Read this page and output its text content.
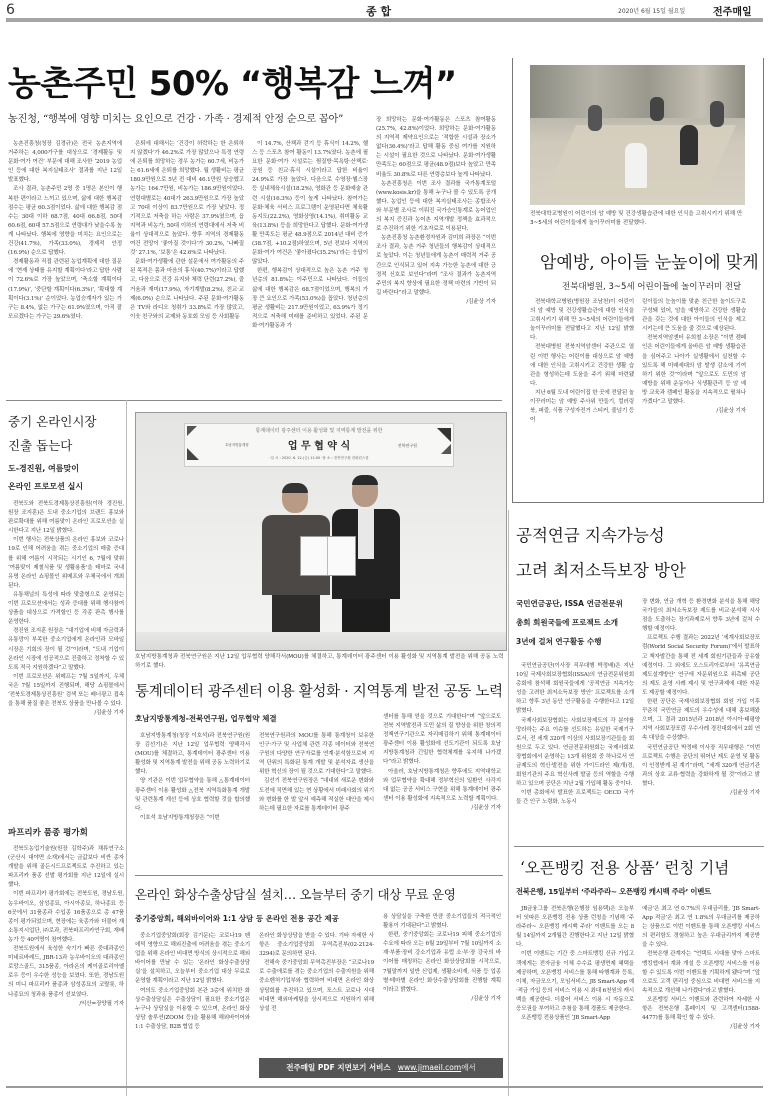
6	종 합	2020년 6월 15일 월요일	전주매일
농촌주민 50% “행복감 느껴”
농진청, “행복에 영향 미치는 요인으로 건강 · 가족 · 경제적 안정 순으로 꼽아”

농촌진흥청(청장 김경규)은 전국 농촌지역에 거주하는 4,000가구를 대상으로 ‘경제활동 및 문화·여가 여건’ 부문에 대해 조사한 ‘2019 농업인 등에 대한 복지실태조사’ 결과를 지난 12일 발표했다.

조사 결과, 농촌주민 2명 중 1명은 본인이 행복한 편이라고 느끼고 있으며, 삶에 대한 행복감 점수는 평균 60.3점이었다. 삶에 대한 행복감 점수는 30대 이하 68.7점, 40대 66.8점, 50대 60.6점, 60대 57.5점으로 연령대가 낮을수록 높게 나타났다. 행복에 영향을 미치는 요인으로는 건강(41.7%), 가족(33.0%), 경제적 안정(16.9%) 순으로 답했다.

경제활동과 직접 관련된 농업계획에 대한 질문에 ‘현재 상태를 유지할 계획이다’라고 답한 사람이 72.6%로 가장 높았으며, ‘축소할 계획이다(17.9%)’, ‘중단할 계획이다(6.3%)’, ‘확대할 계획이다(3.1%)’ 순이었다. 농업승계자가 있는 가구는 8.4%, 없는 가구는 61.9%였으며, 아직 잘 모르겠다는 가구는 29.6%였다.

은퇴에 대해서는 ‘건강이 허락하는 한 은퇴하지 않겠다’가 46.2%로 가장 많았으나 특정 연령에 은퇴를 희망하는 경우 농가는 60.7세, 비농가는 61.6세에 은퇴를 희망했다. 월 생활비는 평균 180.9만원으로 5년 전 대비 46.1만원 상승했고 농가는 164.7만원, 비농가는 186.9만원이었다. 연령대별로는 40대가 263.9만원으로 가장 높았고 70대 이상이 83.7만원으로 가장 낮았다. 정기적으로 저축을 하는 사람은 37.9%였으며, 읍 지역과 비농가, 50대 이하의 연령대에서 저축 비율이 상대적으로 높았다. 향후 지역의 경제활동 여건 전망이 ‘좋아질 것이다’가 30.2%, ‘나빠질 것’ 27.1%, ‘보통’은 42.6%로 나타났다.

문화·여가생활에 관한 설문에서 여가활동의 주된 목적은 몸과 마음의 휴식(40.7%)이라고 답했고, 다음으로 건강 유지와 체력 단련(27.2%), 즐거움과 재미(17.9%), 자기계발(8.2%), 친교·교제(6.0%) 순으로 나타났다. 주된 문화·여가활동은 TV와 라디오 청취가 33.8%로 가장 많았고, 이웃 친구와의 교제와 동호회 모임 등 사회활동

이 14.7%, 산책과 걷기 등 휴식이 14.2%, 헬스 등 스포츠 참여 활동이 13.7%였다. 농촌에 필요한 문화·여가 시설로는 찜질방·목욕탕·산책로·공원 등 친교·휴식 시설이라고 답한 비율이 24.9%로 가장 높았다. 다음으로 수영장·헬스장 등 실내체육시설(18.2%), 영화관 등 문화예술 관련 시설(16.3%) 등이 높게 나타났다. 참여가는 문화·체육 서비스 프로그램이 운영된다면 체육활동지도(22.2%), 영화상영(14.1%), 취미활동 교육(13.8%) 등을 희망한다고 답했다. 문화·여가생활 만족도는 평균 48.9점으로 2014년 대비 증가(38.7점, +10.2점)하였으며, 5년 전보다 지역의 문화·여가 여건은 ‘좋아졌다(35.2%)’라는 응답이 많았다.

한편, 행복감이 상대적으로 높은 농촌 거주 청년층의 81.8%는 이주민으로 나타났다. 이들의 삶에 대한 행복감은 68.7점이었으며, 행복의 가장 큰 요인으로 가족(53.0%)을 꼽았다. 청년층의 평균 생활비는 217.9만원이었고, 63.9%가 정기적으로 저축해 미래를 준비하고 있었다. 주된 문화·여가활동과 가

장 희망하는 문화·여가활동은 스포츠 참여활동(25.7%, 42.8%)이었다. 희망하는 문화·여가활동의 지역적 제약요인으로는 ‘적합한 시설과 장소가 없다(36.4%)’라고 답해 활동 중심 여가를 지원하는 시설이 필요한 것으로 나타났다. 문화·여가생활 만족도는 60점으로 평균(48.9점)보다 높았고 만족 비율도 30.8%로 다른 연령층보다 높게 나타났다.

농촌진흥청은 이번 조사 결과를 국가통계포털(www.kosis.kr)을 통해 누구나 볼 수 있도록 공개했다. 농업인 등에 대한 복지실태조사는 종합조사와 부문별 조사로 이뤄진 국가승인통계로 농어업인의 복지 증진과 농어촌 지역개발 정책을 효과적으로 추진하기 위한 기초자료로 이용된다.

농촌진흥청 농촌환경자원과 김미희 과장은 “이번 조사 결과, 농촌 거주 청년들의 행복감이 상대적으로 높았다. 이는 청년들에게 농촌이 매력적 거주 공간으로 인식되고 있어 지속 가능한 농촌에 대한 긍정적 신호로 보인다”라며 “조사 결과가 농촌지역 주민의 복지 향상에 필요한 정책 마련의 기반이 되길 바란다”라고 말했다.

/김윤상 기자
전북대학교병원이 어린이의 암 예방 및 건강생활습관에 대한 인식을 고취시키기 위해 만 3~5세의 어린이들에게 놀이꾸러미를 전달했다.
암예방, 아이들 눈높이에 맞게
전북대병원, 3~5세 어린이들에 놀이꾸러미 전달

전북대학교병원(병원장 조남천)이 어린이의 암 예방 및 건강생활습관에 대한 인식을 고취시키기 위해 만 3~5세의 어린이들에게 놀이꾸러미를 전달했다고 지난 12일 밝혔다.

전북대병원 전북지역암센터 주관으로 열린 이번 행사는 어린이를 대상으로 암 예방에 대한 인식을 고취시키고 건강한 생활 습관을 형성하는데 도움을 주기 위해 마련됐다.

지난 6월 도내 어린이집 한 곳에 전달된 놀이꾸러미는 암 예방 주사위 만들기, 컬러링북, 퍼즐, 식품 구성자전거 스티커, 줄넘기 등 어

린이들의 눈높이를 맞춘 친근한 놀이도구로 구성돼 있어, 암을 예방하고 건강한 생활습관을 갖는 것에 대한 아이들의 인식을 제고시키는데 큰 도움을 줄 것으로 예상된다.

전북지역암센터 유희철 소장은 “이번 캠페인은 어린이들에게 올바른 암 예방 생활습관을 심어주고 나아가 실생활에서 실천할 수 있도록 해 미래세대의 암 발생 감소에 기여하기 위한 것”이라며 “앞으로도 도민의 암 예방을 위해 운동이나 식생활관리 등 암 예방 교육과 캠페인 활동을 지속적으로 펼쳐나가겠다”고 말했다.

/김윤상 기자
중기 온라인시장
진출 돕는다
도-경진원, 여름맞이
온라인 프로모션 실시

전북도와 전북도경제통상진흥원(이하 경진원, 원장 조지훈)은 도내 중소기업의 브랜드 홍보와 판로확대를 위해 여름맞이 온라인 프로모션을 실시한다고 지난 12일 밝혔다.

이번 행사는 전북상품의 온라인 홍보와 코로나 19로 인해 어려움을 겪는 중소기업의 매출 증대를 위해 여름이 시작되는 시기인 6, 7월에 맞춰 ‘여름맞이 제철식품 및 생활용품’을 테마로 국내 유명 온라인 쇼핑몰인 위메프와 우체국에서 개최된다.

유통채널의 특성에 따라 맞춤형으로 운영되는 이번 프로모션에서는 성과 증대를 위해 행사참여 상품을 대상으로 가격할인 등 각종 판촉 행사를 운영한다.

경진원 조지훈 원장은 “대기업에 비해 자금력과 유통망이 부족한 중소기업에게 온라인과 모바일 시장은 기회의 장이 될 것”이라며, “도내 기업이 온라인 시장에 성공적으로 진출하고 정착할 수 있도록 적극 지원하겠다”고 말했다.

이번 프로모션은 위메프는 7월 5일까지, 우체국은 7월 15일까지 진행되며, 해당 쇼핑몰에서 ‘전북도경제통상진흥원’ 검색 또는 배너광고 접속을 통해 품질 좋은 전북도 상품을 만나볼 수 있다.

/김윤상 기자
파프리카 품종 평가회

전북도농업기술원(원장 김학주)과 채류연구소(군산시 대야면 소재)에서는 금값보다 비싼 종자 개발을 위해 골든시드프로젝트로 추진하고 있는 파프리카 품종 선발 평가회를 지난 12일에 실시했다.

이번 파프리카 평가회에는 전북도원, 경남도원, 농우바이오, 삼성종묘, 아시아종묘, 하나종묘 등 6곳에서 31품종과 수입종 16품종으로 총 47품종이 평가되었으며, 현장에는 육종가와 더불어 재소통지시업단, ㈜로과, 전북파프리카연구회, 재배농가 등 40여명이 참여했다.

전북도원에서 육성한 숙기가 빠른 중대과종인 미네르바레드, JBR-13과 농우바이오의 대과종인 로망스골드, 315품종, 아라온의 케이골로리아옐로우 등이 우수한 성능을 보였다. 또한, 경남도원의 미니 파프리카 품종과 삼성종묘의 코랄롯, 하나종묘의 청과용 품종이 선보였다.

/익산=장양필 기자
통계데이터 광주센터 이용 활성화 및 지역통계 발전을 위한
호남지방통계청	업 무 협 약 식	전북연구원
·일 시 : 2020. 6. 12.(금) 11:00 ·장 소 : 전북연구원 컨퍼런스룸
호남지방통계청과 전북연구원은 지난 12일 업무협력 양해각서(MOU)를 체결하고, 통계데이터 광주센터 이용 활성화 및 지역통계 발전을 위해 공동 노력하기로 했다.
통계데이터 광주센터 이용 활성화 · 지역통계 발전 공동 노력
호남지방통계청-전북연구원, 업무협약 체결

호남지방통계청(청장 이호석)과 전북연구원(원장 김선기)은 지난 12일 업무협력 양해각서(MOU)를 체결하고, 통계데이터 광주센터 이용 활성화 및 지역통계 발전을 위해 공동 노력하기로 했다.

양 기관은 이번 업무협약을 통해 △통계데이터 광주센터 이용 활성화 △전북 지역특화통계 개발 및 관련통계 개선 등에 상호 협력할 것을 합의했다.

이호석 호남지방통계청장은 “이번

전북연구원과의 MOU를 통해 통계청이 보유한 인구·가구 및 사업체 관련 각종 데이터와 전북연구원의 다양한 연구자료를 연계·분석함으로써 지역 단위의 특화된 통계 개발 및 분석자료 생산을 위한 혁신의 장이 될 것으로 기대한다”고 말했다.

김선기 전북연구원장은 “대내외 새로운 변화와 도전에 직면해 있는 현 상황에서 미래사회의 위기와 변화를 한 발 앞서 예측해 적실한 대안을 제시하는데 필요한 자료를 통계데이터 광주

센터를 통해 얻을 것으로 기대한다”며 “앞으로도 전북 지역발전과 도민 삶의 질 향상을 위한 창의적 정책연구기관으로 자리매김하기 위해 통계데이터 광주센터 이용 활성화에 선도기관이 되도록 호남지방통계청과 긴밀한 협력체계를 유지해 나가겠다”라고 밝혔다.

아울러, 호남지방통계청은 향후에도 지역대학교와 업무협약을 확대해 정부혁신의 일환인 사각지대 없는 공공 서비스 구현을 위해 통계데이터 광주센터 이용 활성화에 지속적으로 노력할 계획이다.

/김윤상 기자
온라인 화상수출상담실 설치… 오늘부터 중기 대상 무료 운영
중기중앙회, 해외바이어와 1:1 상담 등 온라인 전용 공간 제공

중소기업중앙회(회장 김기문)는 코로나19 펜데믹 영향으로 해외진출에 어려움을 겪는 중소기업을 위해 온라인 비대면 방식의 상시적으로 해외바이어를 만날 수 있는 ‘온라인 화상수출상담실’을 설치하고, 오늘부터 중소기업 대상 무료로 운영할 계획이라고 지난 12일 밝혔다.

여의도 중소기업중앙회 본관 3층에 위치한 화상수출상담실은 수출상담이 필요한 중소기업은 누구나 상담실을 이용할 수 있으며, 온라인 화상상담 솔루션(ZOOM 등)을 활용해 해외바이어와 1:1 수출상담, B2B 협업 등

온라인 화상상담을 받을 수 있다. 기타 자세한 사항은 중소기업중앙회 무역촉진부(02-2124-3294)로 문의하면 된다.

전해숙 중기중앙회 무역촉진부장은 “코로나19로 수출애로를 겪는 중소기업의 수출지원을 위해 중소벤처기업부와 협력하여 비대면 온라인 화상상담회를 추진하고 있으며, 포스트 코로나 시대 비대면 해외마케팅을 상시적으로 지원하기 위해 상설 전

용 상담실을 구축한 만큼 중소기업들의 적극적인 활용이 기대된다”고 밝혔다.

한편, 중기중앙회는 코로나19 피해 중소기업의 수요에 따라 오는 6월 29일부터 7월 10일까지 소재·부품·장비 강소기업과 유럽 소·부·장 강국의 바이어를 매칭하는 온라인 화상상담회를 시작으로, 7월말까지 일반 신업제, 생활소비재, 식품 등 업종별·테마별 온라인 화상수출상담회를 진행할 계획이라고 밝혔다.

/김윤상 기자
전주매일 PDF 지면보기 서비스 www.jjmaeil.com에서
공적연금 지속가능성
고려 최저소득보장 방안
국민연금공단, ISSA 연금전문위
총회 회원국들에 프로젝트 소개
3년에 걸쳐 연구활동 수행

국민연금공단(이사장 직무대행 박정배)은 지난 10일 국제사회보장협회(ISSA)의 연금전문위원회 총회에 참석해 회원국들에게 ‘공적연금 지속가능성을 고려한 최저소득보장 방안’ 프로젝트를 소개하고 향후 3년 동안 연구활동을 수행한다고 12일 밝혔다.

국제사회보장협회는 사회보장제도의 각 분야를 망라하는 주요 이슈를 선도하는 유일한 국제기구로서, 전 세계 320개 이상의 사회보장기관들을 회원으로 두고 있다. 연금전문위원회는 국제사회보장협회에서 운영하는 13개 위원회 중 하나로서 연금제도의 혁신·발전을 위한 가이드라인 제(개)정, 회원기관의 주요 혁신사례 발굴 등의 역할을 수행하고 있으며 공단은 지난 2월 가입해 활동 중이다.

이번 총회에서 발표한 프로젝트는 OECD 국가들 간 인구 노령화, 노동시

장 변화, 연금 개혁 등 환경변화 분석을 통해 해당 국가들의 최저소득보장 제도를 비교·분석해 시사점을 도출하는 장기과제로서 향후 3년에 걸쳐 수행할 예정이다.

프로젝트 수행 결과는 2022년 ‘세계사회보장포럼(World Social Security Forum)’에서 발표하고 책자발간을 통해 전 세계 회원기관들과 공유할 예정이다. 그 외에도 오스트리아로부터 ‘유족연금 제도설계방안’ 연구에 자문위원으로 위촉돼 공단의 제도 운영 사례 제시 및 연구과제에 대한 자문도 제공할 예정이다.

한편 공단은 국제사회보장협회 회원 가입 이후 꾸준히 국민연금 제도의 우수성에 대해 홍보해왔으며, 그 결과 2015년과 2018년 아시아·태평양 지역 사회보장포럼 우수사례 경진대회에서 2회 연속 대상을 수상했다.

국민연금공단 박정배 이사장 직무대행은 “이번 프로젝트 수행은 공단의 뛰어난 제도 운영 및 활동이 인정받게 된 계기”라며, “세계 320개 연금기관과의 상호 교류·협력을 강화하게 될 것”이라고 밝혔다.

/김윤상 기자
‘오픈뱅킹 전용 상품’ 런칭 기념
전북은행, 15일부터 ‘주라주라~ 오픈뱅킹 캐시백 주라’ 이벤트

JB금융그룹 전북은행(은행장 임용택)은 오늘부터 잇따른 오픈뱅킹 전용 상품 런칭을 기념해 ‘주라주라~ 오픈뱅킹 캐시백 주라’ 이벤트를 오는 8월 14일까지 2개월간 진행한다고 지난 12일 밝혔다.

이번 이벤트는 기간 중 스마트뱅킹 신규 가입고객에게는 전자금융 이체 수수료 평생면제 혜택을 제공하며, 오픈뱅킹 서비스를 통해 타행계좌 등록, 이체, 자금모으기, 모임서비스, JB Smart-App 예·적금 가입 등의 서비스 이용 시 최대 6천원의 캐시백을 제공한다. 더불어 서비스 이용 시 자동으로 응모권을 부여하고 추첨을 통해 경품도 제공한다.

오픈뱅킹 전용상품인 ‘JB Smart-App

예금’은 최고 연 0.7%의 우대금리를, ‘JB Smart-App 적금’은 최고 연 1.8%의 우대금리를 제공하는 상품으로 이번 이벤트를 통해 오픈뱅킹 서비스의 편리함도 경험하고 높은 우대금리까지 제공받을 수 있다.

전북은행 관계자는 “언택트 시대를 맞아 스마트뱅킹앱에서 계좌 개설 등 오픈뱅킹 서비스를 이용할 수 있도록 이번 이벤트를 기획하게 됐다”며 “앞으로도 고객 편리성 중심으로 비대면 서비스를 지속적으로 개선해 나가겠다”라고 밝혔다.

오픈뱅킹 서비스 이벤트와 관련하여 자세한 사항은 전북은행 홈페이지 및 고객센터(1588-4477)를 통해 확인 할 수 있다.

/김윤상 기자
